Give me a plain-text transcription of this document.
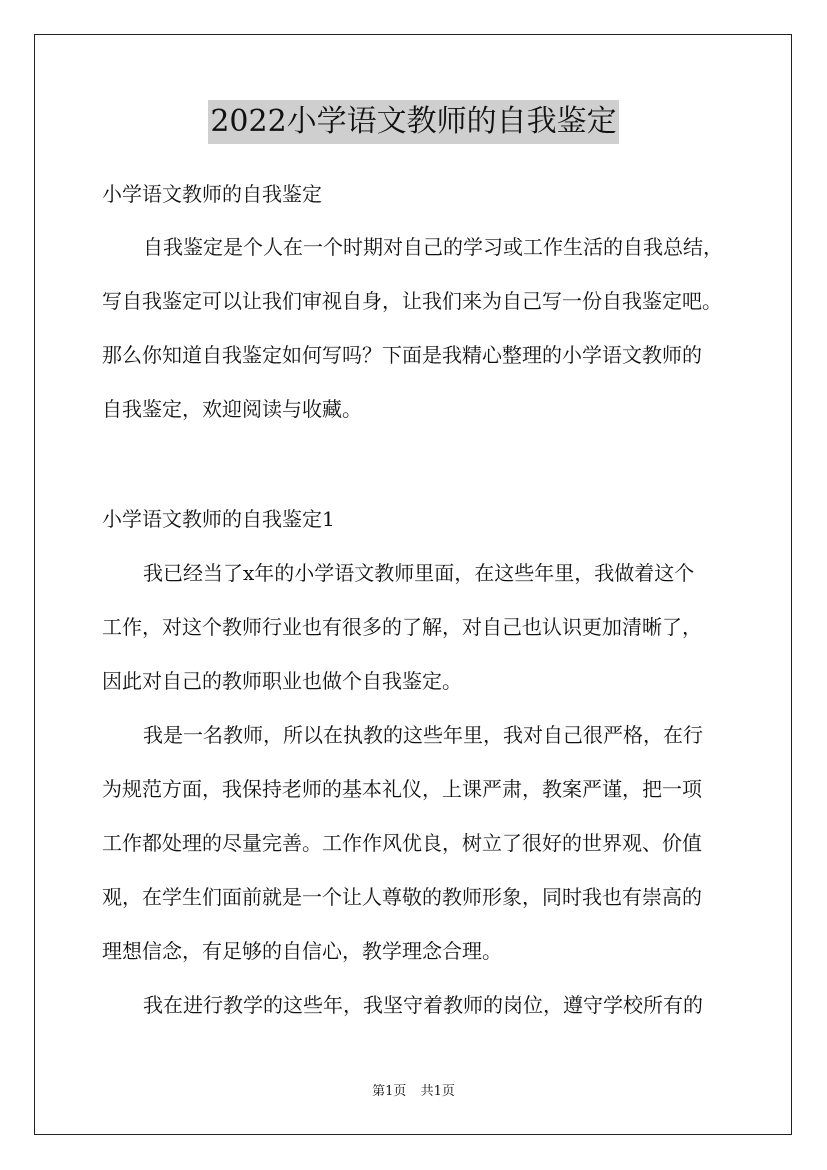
2022小学语文教师的自我鉴定
小学语文教师的自我鉴定
自我鉴定是个人在一个时期对自己的学习或工作生活的自我总结，
写自我鉴定可以让我们审视自身，让我们来为自己写一份自我鉴定吧。
那么你知道自我鉴定如何写吗？下面是我精心整理的小学语文教师的
自我鉴定，欢迎阅读与收藏。
小学语文教师的自我鉴定1
我已经当了x年的小学语文教师里面，在这些年里，我做着这个
工作，对这个教师行业也有很多的了解，对自己也认识更加清晰了，
因此对自己的教师职业也做个自我鉴定。
我是一名教师，所以在执教的这些年里，我对自己很严格，在行
为规范方面，我保持老师的基本礼仪，上课严肃，教案严谨，把一项
工作都处理的尽量完善。工作作风优良，树立了很好的世界观、价值
观，在学生们面前就是一个让人尊敬的教师形象，同时我也有崇高的
理想信念，有足够的自信心，教学理念合理。
我在进行教学的这些年，我坚守着教师的岗位，遵守学校所有的
第1页 共1页
